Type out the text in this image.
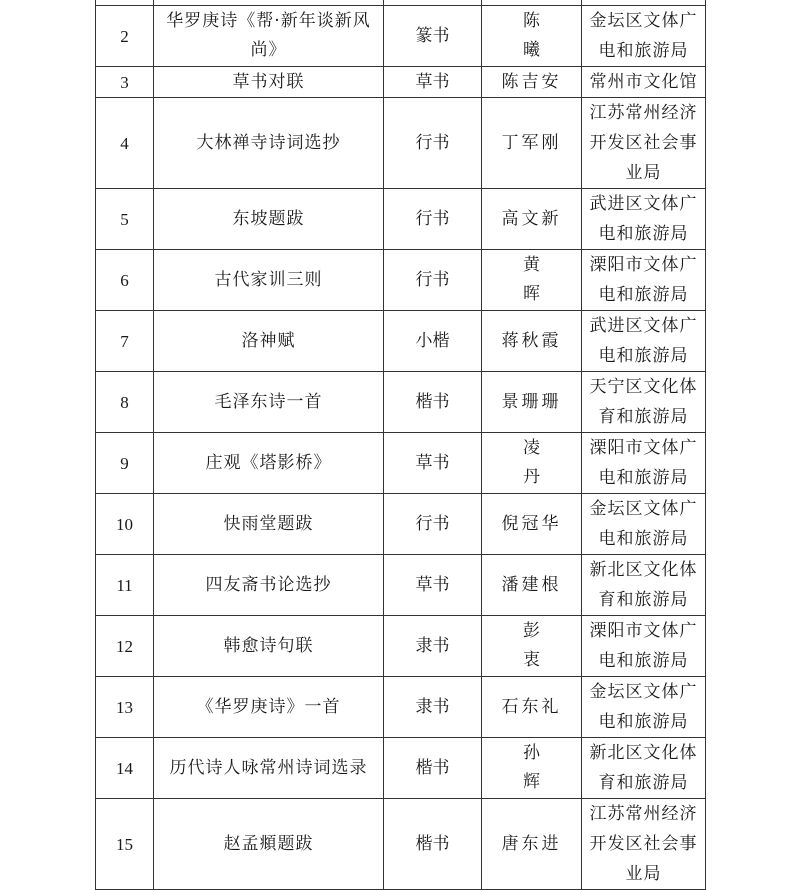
2	华罗庚诗《帮·新年谈新风尚》	篆书	陈　曦	金坛区文体广电和旅游局
3	草书对联	草书	陈吉安	常州市文化馆
4	大林禅寺诗词选抄	行书	丁军刚	江苏常州经济开发区社会事业局
5	东坡题跋	行书	高文新	武进区文体广电和旅游局
6	古代家训三则	行书	黄　晖	溧阳市文体广电和旅游局
7	洛神赋	小楷	蒋秋霞	武进区文体广电和旅游局
8	毛泽东诗一首	楷书	景珊珊	天宁区文化体育和旅游局
9	庄观《塔影桥》	草书	凌　丹	溧阳市文体广电和旅游局
10	快雨堂题跋	行书	倪冠华	金坛区文体广电和旅游局
11	四友斋书论选抄	草书	潘建根	新北区文化体育和旅游局
12	韩愈诗句联	隶书	彭　衷	溧阳市文体广电和旅游局
13	《华罗庚诗》一首	隶书	石东礼	金坛区文体广电和旅游局
14	历代诗人咏常州诗词选录	楷书	孙　辉	新北区文化体育和旅游局
15	赵孟頫题跋	楷书	唐东进	江苏常州经济开发区社会事业局
